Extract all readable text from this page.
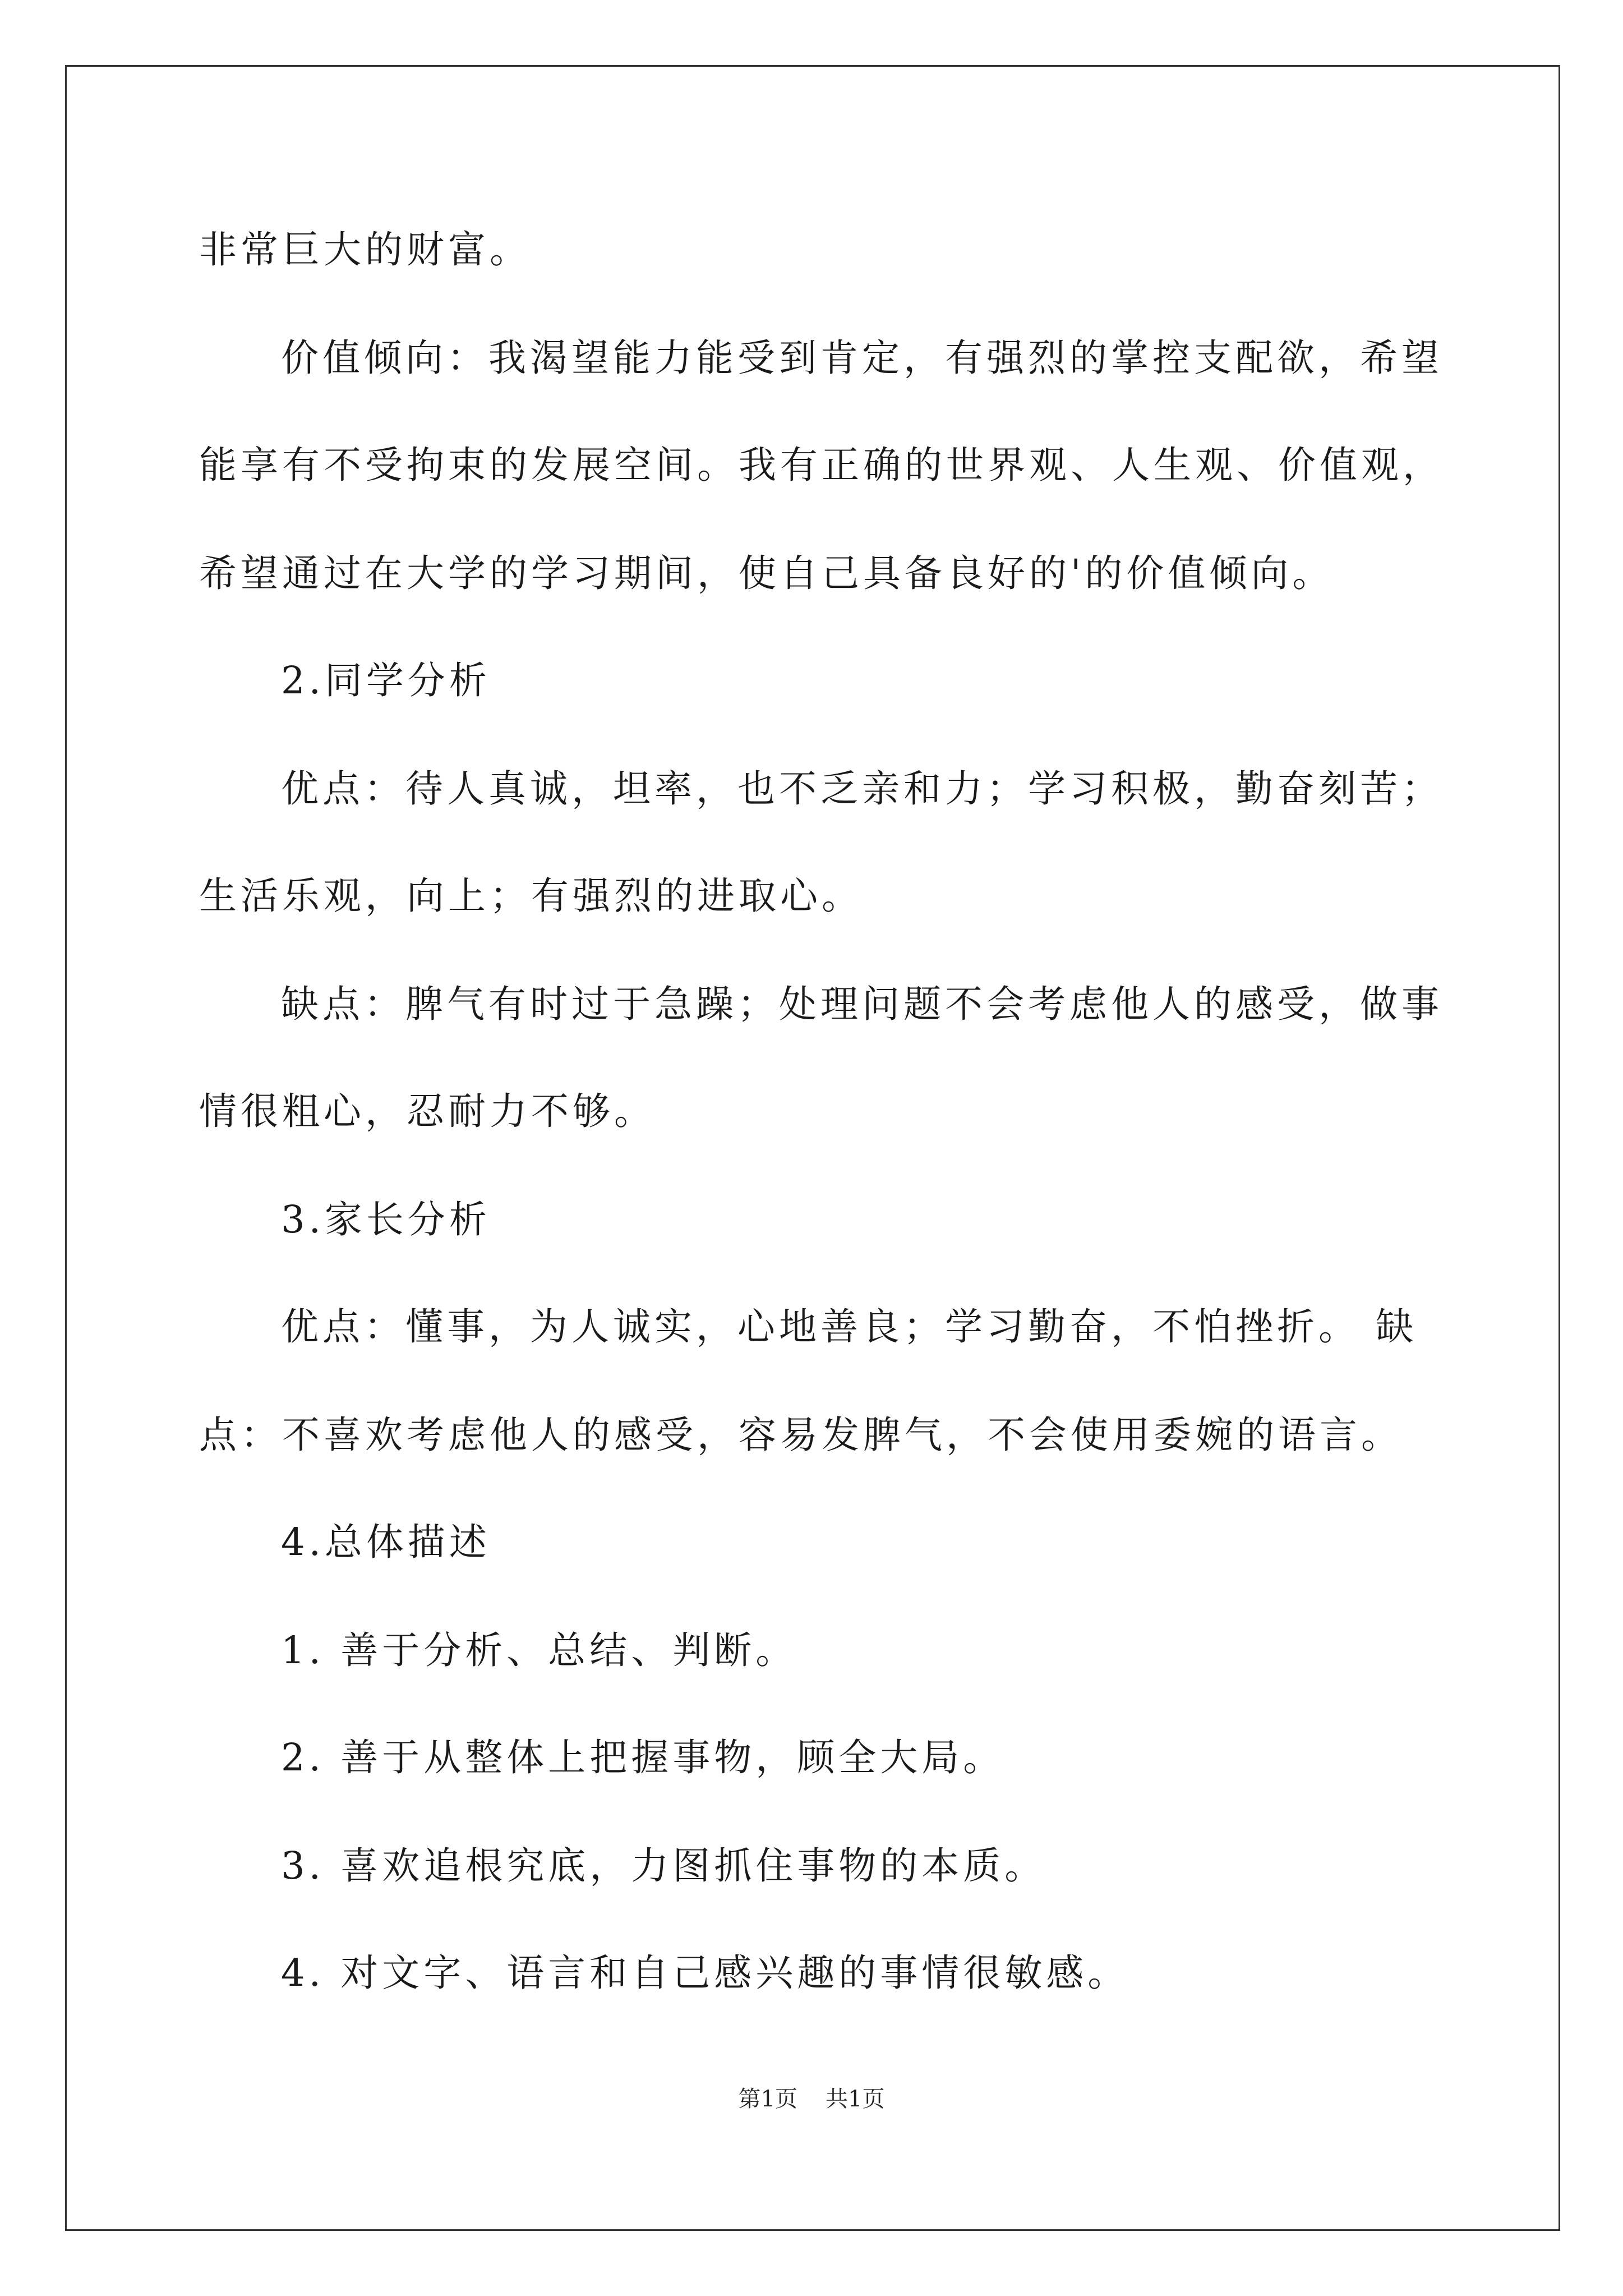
非常巨大的财富。
价值倾向：我渴望能力能受到肯定，有强烈的掌控支配欲，希望
能享有不受拘束的发展空间。我有正确的世界观、人生观、价值观，
希望通过在大学的学习期间，使自己具备良好的'的价值倾向。
2.同学分析
优点：待人真诚，坦率，也不乏亲和力；学习积极，勤奋刻苦；
生活乐观，向上；有强烈的进取心。
缺点：脾气有时过于急躁；处理问题不会考虑他人的感受，做事
情很粗心，忍耐力不够。
3.家长分析
优点：懂事，为人诚实，心地善良；学习勤奋，不怕挫折。 缺
点：不喜欢考虑他人的感受，容易发脾气，不会使用委婉的语言。
4.总体描述
1. 善于分析、总结、判断。
2. 善于从整体上把握事物，顾全大局。
3. 喜欢追根究底，力图抓住事物的本质。
4. 对文字、语言和自己感兴趣的事情很敏感。
第1页 共1页
